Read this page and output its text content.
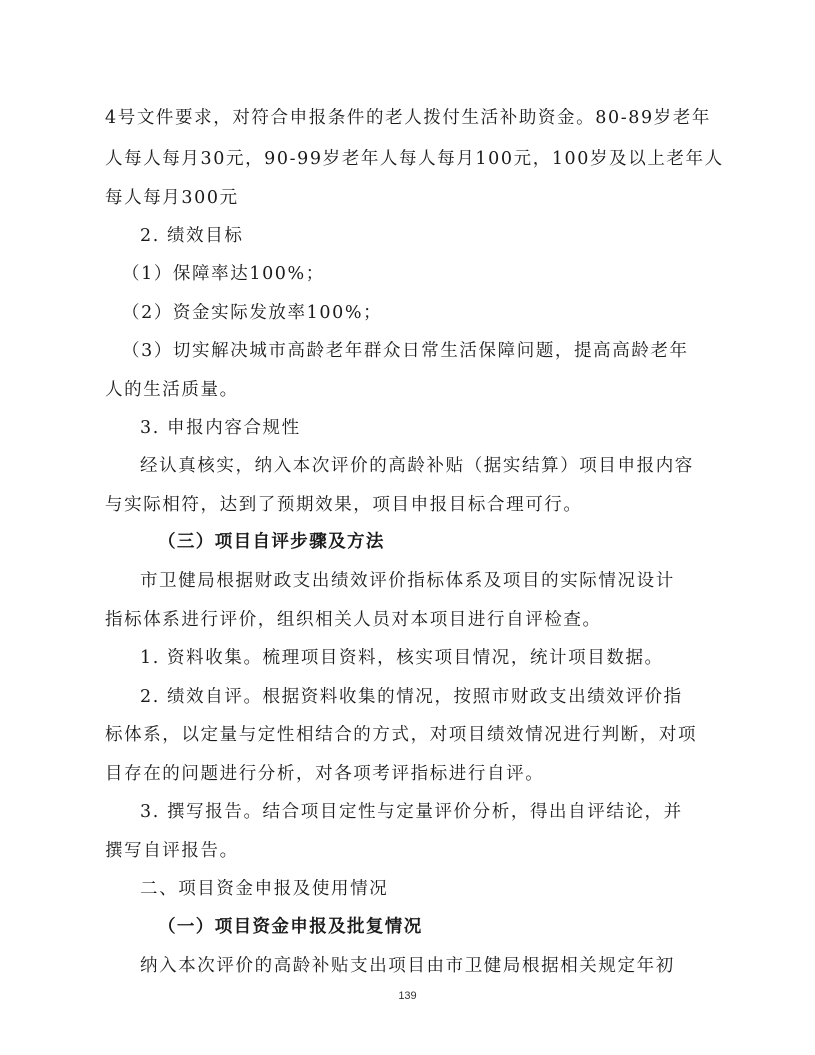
4号文件要求，对符合申报条件的老人拨付生活补助资金。80-89岁老年
人每人每月30元，90-99岁老年人每人每月100元，100岁及以上老年人
每人每月300元
2. 绩效目标
（1）保障率达100%；
（2）资金实际发放率100%；
（3）切实解决城市高龄老年群众日常生活保障问题，提高高龄老年
人的生活质量。
3. 申报内容合规性
经认真核实，纳入本次评价的高龄补贴（据实结算）项目申报内容
与实际相符，达到了预期效果，项目申报目标合理可行。
（三）项目自评步骤及方法
市卫健局根据财政支出绩效评价指标体系及项目的实际情况设计
指标体系进行评价，组织相关人员对本项目进行自评检查。
1. 资料收集。梳理项目资料，核实项目情况，统计项目数据。
2. 绩效自评。根据资料收集的情况，按照市财政支出绩效评价指
标体系，以定量与定性相结合的方式，对项目绩效情况进行判断，对项
目存在的问题进行分析，对各项考评指标进行自评。
3. 撰写报告。结合项目定性与定量评价分析，得出自评结论，并
撰写自评报告。
二、项目资金申报及使用情况
（一）项目资金申报及批复情况
纳入本次评价的高龄补贴支出项目由市卫健局根据相关规定年初
139
